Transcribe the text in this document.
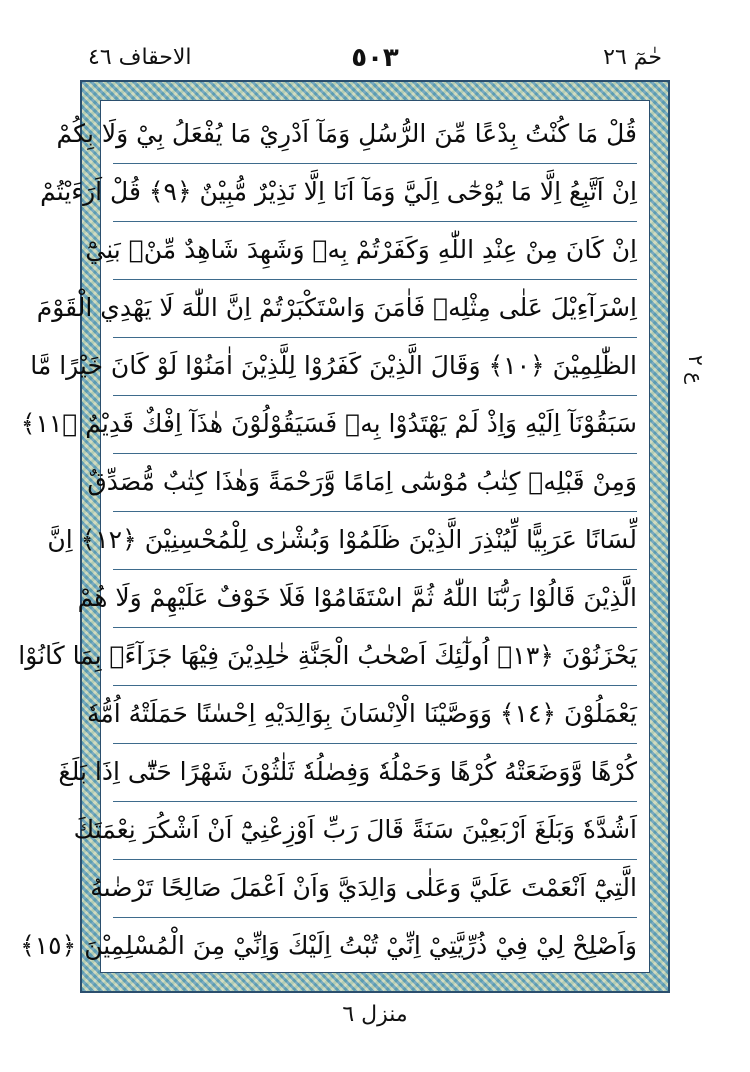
حٰمٓ ٢٦
٥٠٣
الاحقاف ٤٦
قُلْ مَا كُنْتُ بِدْعًا مِّنَ الرُّسُلِ وَمَآ اَدْرِيْ مَا يُفْعَلُ بِيْ وَلَا بِكُمْ
اِنْ اَتَّبِعُ اِلَّا مَا يُوْحٰٓى اِلَيَّ وَمَآ اَنَا اِلَّا نَذِيْرٌ مُّبِيْنٌ ﴿٩﴾ قُلْ اَرَءَيْتُمْ
اِنْ كَانَ مِنْ عِنْدِ اللّٰهِ وَكَفَرْتُمْ بِهٖ وَشَهِدَ شَاهِدٌ مِّنْۢ بَنِيْٓ
اِسْرَآءِيْلَ عَلٰى مِثْلِهٖ فَاٰمَنَ وَاسْتَكْبَرْتُمْ اِنَّ اللّٰهَ لَا يَهْدِي الْقَوْمَ
الظّٰلِمِيْنَ ﴿١٠﴾ وَقَالَ الَّذِيْنَ كَفَرُوْا لِلَّذِيْنَ اٰمَنُوْا لَوْ كَانَ خَيْرًا مَّا
سَبَقُوْنَآ اِلَيْهِ وَاِذْ لَمْ يَهْتَدُوْا بِهٖ فَسَيَقُوْلُوْنَ هٰذَآ اِفْكٌ قَدِيْمٌ ﴿١١﴾
وَمِنْ قَبْلِهٖ كِتٰبُ مُوْسٰٓى اِمَامًا وَّرَحْمَةً وَهٰذَا كِتٰبٌ مُّصَدِّقٌ
لِّسَانًا عَرَبِيًّا لِّيُنْذِرَ الَّذِيْنَ ظَلَمُوْا وَبُشْرٰى لِلْمُحْسِنِيْنَ ﴿١٢﴾ اِنَّ
الَّذِيْنَ قَالُوْا رَبُّنَا اللّٰهُ ثُمَّ اسْتَقَامُوْا فَلَا خَوْفٌ عَلَيْهِمْ وَلَا هُمْ
يَحْزَنُوْنَ ﴿١٣﴾ اُولٰٓئِكَ اَصْحٰبُ الْجَنَّةِ خٰلِدِيْنَ فِيْهَا جَزَآءًۢ بِمَا كَانُوْا
يَعْمَلُوْنَ ﴿١٤﴾ وَوَصَّيْنَا الْاِنْسَانَ بِوَالِدَيْهِ اِحْسٰنًا حَمَلَتْهُ اُمُّهٗ
كُرْهًا وَّوَضَعَتْهُ كُرْهًا وَحَمْلُهٗ وَفِصٰلُهٗ ثَلٰثُوْنَ شَهْرًا حَتّٰٓى اِذَا بَلَغَ
اَشُدَّهٗ وَبَلَغَ اَرْبَعِيْنَ سَنَةً قَالَ رَبِّ اَوْزِعْنِيْٓ اَنْ اَشْكُرَ نِعْمَتَكَ
الَّتِيْٓ اَنْعَمْتَ عَلَيَّ وَعَلٰى وَالِدَيَّ وَاَنْ اَعْمَلَ صَالِحًا تَرْضٰىهُ
وَاَصْلِحْ لِيْ فِيْ ذُرِّيَّتِيْ اِنِّيْ تُبْتُ اِلَيْكَ وَاِنِّيْ مِنَ الْمُسْلِمِيْنَ ﴿١٥﴾
ع ٢
منزل ٦
